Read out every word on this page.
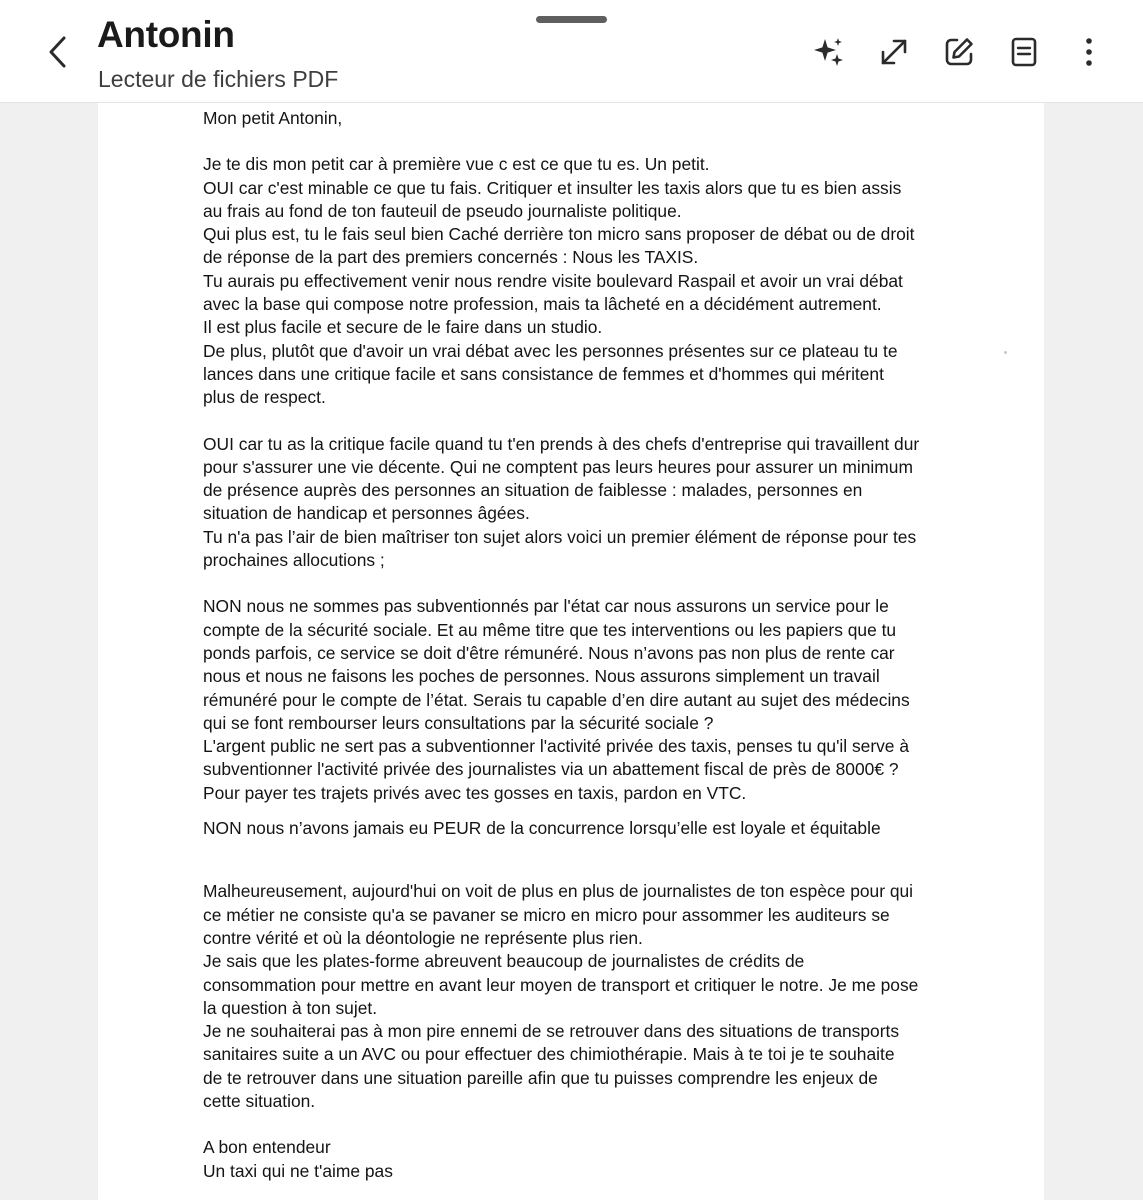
Antonin
Lecteur de fichiers PDF

Mon petit Antonin,

Je te dis mon petit car à première vue c est ce que tu es. Un petit.
OUI car c'est minable ce que tu fais. Critiquer et insulter les taxis alors que tu es bien assis
au frais au fond de ton fauteuil de pseudo journaliste politique.
Qui plus est, tu le fais seul bien Caché derrière ton micro sans proposer de débat ou de droit
de réponse de la part des premiers concernés : Nous les TAXIS.
Tu aurais pu effectivement venir nous rendre visite boulevard Raspail et avoir un vrai débat
avec la base qui compose notre profession, mais ta lâcheté en a décidément autrement.
Il est plus facile et secure de le faire dans un studio.
De plus, plutôt que d'avoir un vrai débat avec les personnes présentes sur ce plateau tu te
lances dans une critique facile et sans consistance de femmes et d'hommes qui méritent
plus de respect.

OUI car tu as la critique facile quand tu t'en prends à des chefs d'entreprise qui travaillent dur
pour s'assurer une vie décente. Qui ne comptent pas leurs heures pour assurer un minimum
de présence auprès des personnes an situation de faiblesse : malades, personnes en
situation de handicap et personnes âgées.
Tu n'a pas l’air de bien maîtriser ton sujet alors voici un premier élément de réponse pour tes
prochaines allocutions ;

NON nous ne sommes pas subventionnés par l'état car nous assurons un service pour le
compte de la sécurité sociale. Et au même titre que tes interventions ou les papiers que tu
ponds parfois, ce service se doit d'être rémunéré. Nous n’avons pas non plus de rente car
nous et nous ne faisons les poches de personnes. Nous assurons simplement un travail
rémunéré pour le compte de l’état. Serais tu capable d’en dire autant au sujet des médecins
qui se font rembourser leurs consultations par la sécurité sociale ?
L'argent public ne sert pas a subventionner l'activité privée des taxis, penses tu qu'il serve à
subventionner l'activité privée des journalistes via un abattement fiscal de près de 8000€ ?
Pour payer tes trajets privés avec tes gosses en taxis, pardon en VTC.

NON nous n’avons jamais eu PEUR de la concurrence lorsqu’elle est loyale et équitable

Malheureusement, aujourd'hui on voit de plus en plus de journalistes de ton espèce pour qui
ce métier ne consiste qu'a se pavaner se micro en micro pour assommer les auditeurs se
contre vérité et où la déontologie ne représente plus rien.
Je sais que les plates-forme abreuvent beaucoup de journalistes de crédits de
consommation pour mettre en avant leur moyen de transport et critiquer le notre. Je me pose
la question à ton sujet.
Je ne souhaiterai pas à mon pire ennemi de se retrouver dans des situations de transports
sanitaires suite a un AVC ou pour effectuer des chimiothérapie. Mais à te toi je te souhaite
de te retrouver dans une situation pareille afin que tu puisses comprendre les enjeux de
cette situation.

A bon entendeur
Un taxi qui ne t'aime pas
